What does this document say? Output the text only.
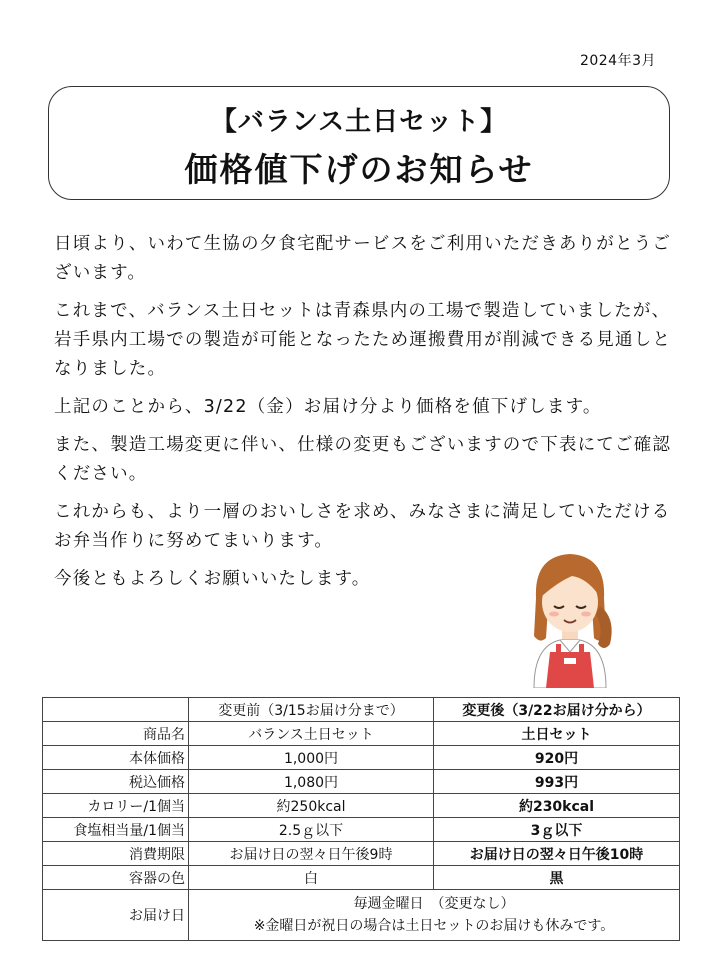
2024年3月
【バランス土日セット】
価格値下げのお知らせ

日頃より、いわて生協の夕食宅配サービスをご利用いただきありがとうございます。

これまで、バランス土日セットは青森県内の工場で製造していましたが、岩手県内工場での製造が可能となったため運搬費用が削減できる見通しとなりました。

上記のことから、3/22（金）お届け分より価格を値下げします。

また、製造工場変更に伴い、仕様の変更もございますので下表にてご確認ください。

これからも、より一層のおいしさを求め、みなさまに満足していただけるお弁当作りに努めてまいります。

今後ともよろしくお願いいたします。

	変更前（3/15お届け分まで）	変更後（3/22お届け分から）
商品名	バランス土日セット	土日セット
本体価格	1,000円	920円
税込価格	1,080円	993円
カロリー/1個当	約250kcal	約230kcal
食塩相当量/1個当	2.5ｇ以下	3ｇ以下
消費期限	お届け日の翌々日午後9時	お届け日の翌々日午後10時
容器の色	白	黒
お届け日	毎週金曜日　（変更なし）
※金曜日が祝日の場合は土日セットのお届けも休みです。	
